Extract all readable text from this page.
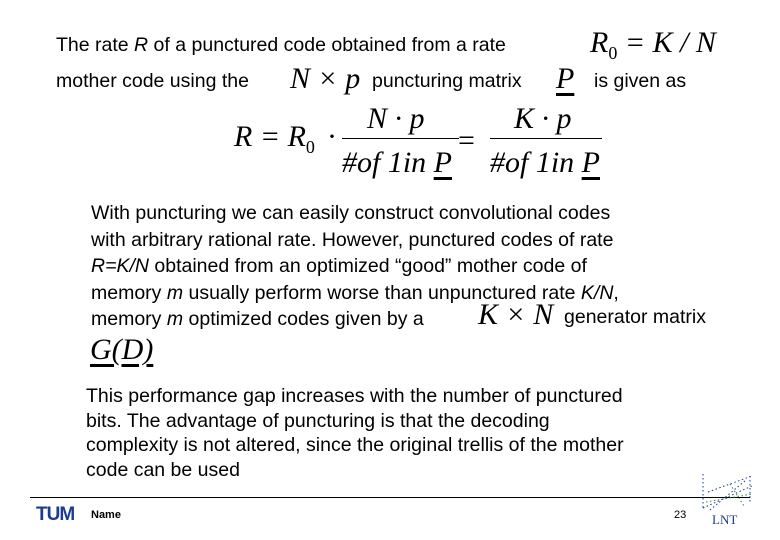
The rate R of a punctured code obtained from a rate	$R_0 = K / N$
mother code using the N × p puncturing matrix P is given as
$R = R_0$ ·
N · p
#of 1in P
=
K · p
#of 1in P
With puncturing we can easily construct convolutional codes
with arbitrary rational rate. However, punctured codes of rate
R=K/N obtained from an optimized “good” mother code of
memory m usually perform worse than unpunctured rate K/N,
memory m optimized codes given by a	K × N generator matrix
G(D)
This performance gap increases with the number of punctured
bits. The advantage of puncturing is that the decoding
complexity is not altered, since the original trellis of the mother
code can be used
TUM Name	23 LNT
